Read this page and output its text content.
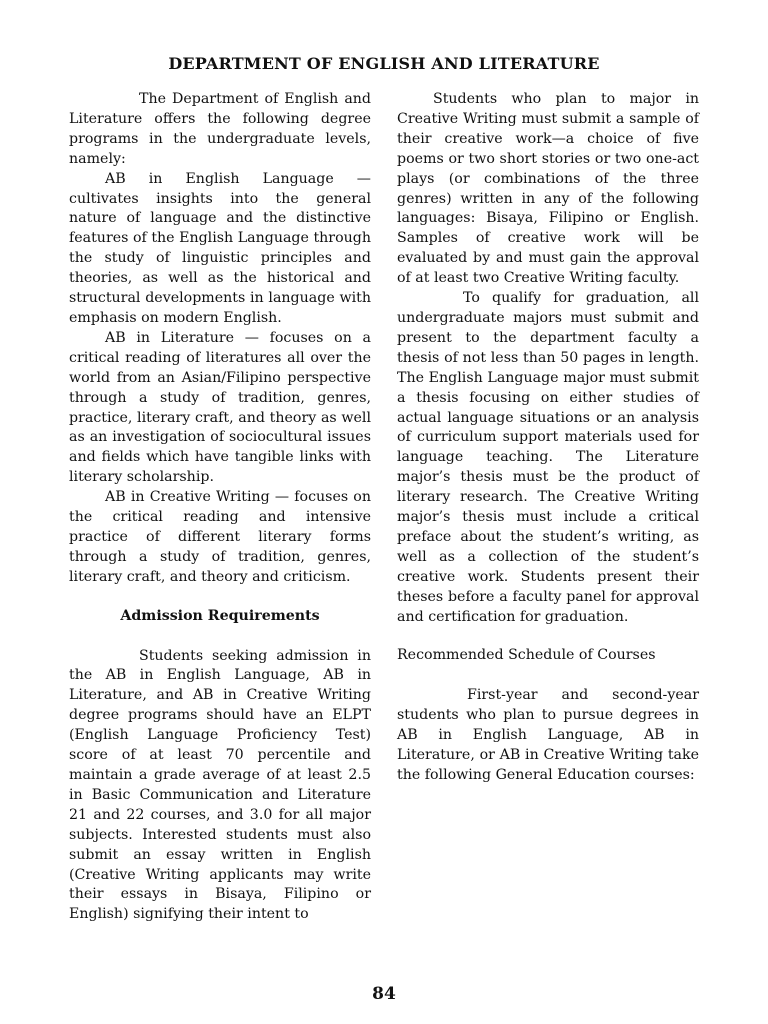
DEPARTMENT OF ENGLISH AND LITERATURE

The Department of English and Literature offers the following degree programs in the undergraduate levels, namely:

AB in English Language — cultivates insights into the general nature of language and the distinctive features of the English Language through the study of linguistic principles and theories, as well as the historical and structural developments in language with emphasis on modern English.

AB in Literature — focuses on a critical reading of literatures all over the world from an Asian/Filipino perspective through a study of tradition, genres, practice, literary craft, and theory as well as an investigation of sociocultural issues and fields which have tangible links with literary scholarship.

AB in Creative Writing — focuses on the critical reading and intensive practice of different literary forms through a study of tradition, genres, literary craft, and theory and criticism.

Admission Requirements

Students seeking admission in the AB in English Language, AB in Literature, and AB in Creative Writing degree programs should have an ELPT (English Language Proficiency Test) score of at least 70 percentile and maintain a grade average of at least 2.5 in Basic Communication and Literature 21 and 22 courses, and 3.0 for all major subjects. Interested students must also submit an essay written in English (Creative Writing applicants may write their essays in Bisaya, Filipino or English) signifying their intent to

Students who plan to major in Creative Writing must submit a sample of their creative work—a choice of five poems or two short stories or two one-act plays (or combinations of the three genres) written in any of the following languages: Bisaya, Filipino or English. Samples of creative work will be evaluated by and must gain the approval of at least two Creative Writing faculty.

To qualify for graduation, all undergraduate majors must submit and present to the department faculty a thesis of not less than 50 pages in length. The English Language major must submit a thesis focusing on either studies of actual language situations or an analysis of curriculum support materials used for language teaching. The Literature major’s thesis must be the product of literary research. The Creative Writing major’s thesis must include a critical preface about the student’s writing, as well as a collection of the student’s creative work. Students present their theses before a faculty panel for approval and certification for graduation.

Recommended Schedule of Courses

First-year and second-year students who plan to pursue degrees in AB in English Language, AB in Literature, or AB in Creative Writing take the following General Education courses:

84
